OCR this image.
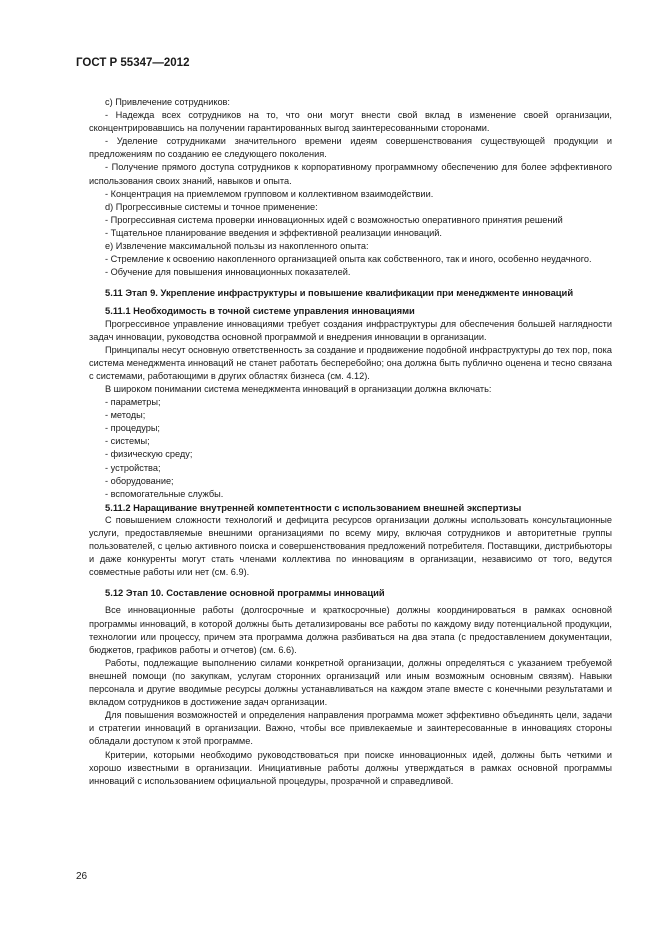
ГОСТ Р 55347—2012

c) Привлечение сотрудников:

- Надежда всех сотрудников на то, что они могут внести свой вклад в изменение своей организации, сконцентрировавшись на получении гарантированных выгод заинтересованными сторонами.

- Уделение сотрудниками значительного времени идеям совершенствования существующей продукции и предложениям по созданию ее следующего поколения.

- Получение прямого доступа сотрудников к корпоративному программному обеспечению для более эффективного использования своих знаний, навыков и опыта.

- Концентрация на приемлемом групповом и коллективном взаимодействии.

d) Прогрессивные системы и точное применение:

- Прогрессивная система проверки инновационных идей с возможностью оперативного принятия решений

- Тщательное планирование введения и эффективной реализации инноваций.

e) Извлечение максимальной пользы из накопленного опыта:

- Стремление к освоению накопленного организацией опыта как собственного, так и иного, особенно неудачного.

- Обучение для повышения инновационных показателей.

5.11 Этап 9. Укрепление инфраструктуры и повышение квалификации при менеджменте инноваций
5.11.1 Необходимость в точной системе управления инновациями

Прогрессивное управление инновациями требует создания инфраструктуры для обеспечения большей наглядности задач инновации, руководства основной программой и внедрения инновации в организации.

Принципалы несут основную ответственность за создание и продвижение подобной инфраструктуры до тех пор, пока система менеджмента инноваций не станет работать бесперебойно; она должна быть публично оценена и тесно связана с системами, работающими в других областях бизнеса (см. 4.12).

В широком понимании система менеджмента инноваций в организации должна включать:

- параметры;

- методы;

- процедуры;

- системы;

- физическую среду;

- устройства;

- оборудование;

- вспомогательные службы.

5.11.2 Наращивание внутренней компетентности с использованием внешней экспертизы

С повышением сложности технологий и дефицита ресурсов организации должны использовать консультационные услуги, предоставляемые внешними организациями по всему миру, включая сотрудников и авторитетные группы пользователей, с целью активного поиска и совершенствования предложений потребителя. Поставщики, дистрибьюторы и даже конкуренты могут стать членами коллектива по инновациям в организации, независимо от того, ведутся совместные работы или нет (см. 6.9).

5.12 Этап 10. Составление основной программы инноваций

Все инновационные работы (долгосрочные и краткосрочные) должны координироваться в рамках основной программы инноваций, в которой должны быть детализированы все работы по каждому виду потенциальной продукции, технологии или процессу, причем эта программа должна разбиваться на два этапа (с предоставлением документации, бюджетов, графиков работы и отчетов) (см. 6.6).

Работы, подлежащие выполнению силами конкретной организации, должны определяться с указанием требуемой внешней помощи (по закупкам, услугам сторонних организаций или иным возможным основным связям). Навыки персонала и другие вводимые ресурсы должны устанавливаться на каждом этапе вместе с конечными результатами и вкладом сотрудников в достижение задач организации.

Для повышения возможностей и определения направления программа может эффективно объединять цели, задачи и стратегии инноваций в организации. Важно, чтобы все привлекаемые и заинтересованные в инновациях стороны обладали доступом к этой программе.

Критерии, которыми необходимо руководствоваться при поиске инновационных идей, должны быть четкими и хорошо известными в организации. Инициативные работы должны утверждаться в рамках основной программы инноваций с использованием официальной процедуры, прозрачной и справедливой.

26
